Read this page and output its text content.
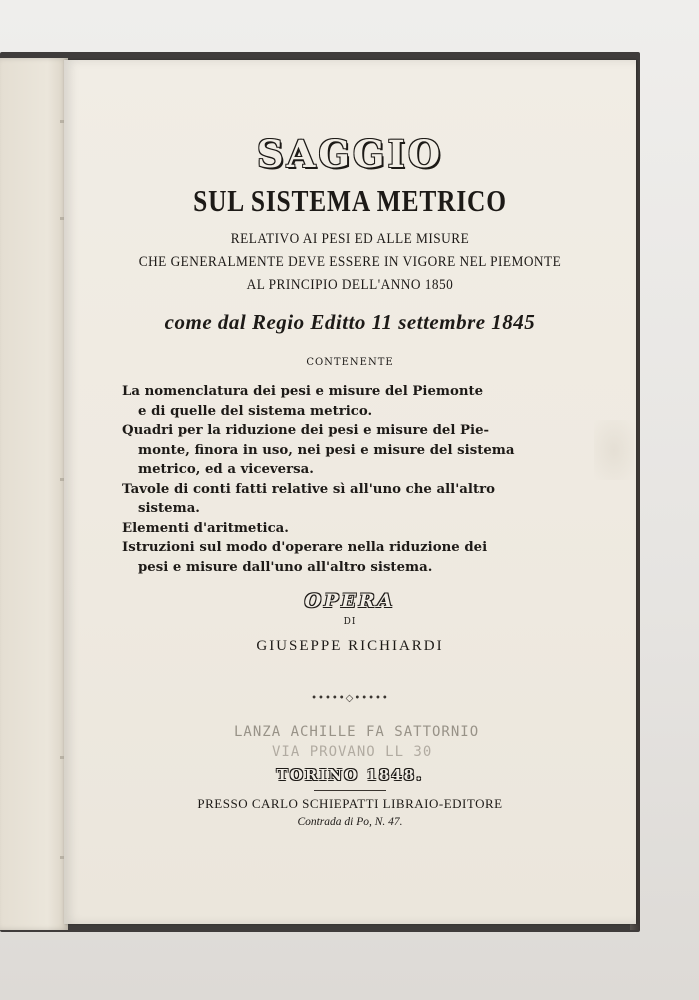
SAGGIO
SUL SISTEMA METRICO
RELATIVO AI PESI ED ALLE MISURE
CHE GENERALMENTE DEVE ESSERE IN VIGORE NEL PIEMONTE
AL PRINCIPIO DELL'ANNO 1850
come dal Regio Editto 11 settembre 1845
CONTENENTE
La nomenclatura dei pesi e misure del Piemonte
e di quelle del sistema metrico.
Quadri per la riduzione dei pesi e misure del Pie-
monte, finora in uso, nei pesi e misure del sistema
metrico, ed a viceversa.
Tavole di conti fatti relative sì all'uno che all'altro
sistema.
Elementi d'aritmetica.
Istruzioni sul modo d'operare nella riduzione dei
pesi e misure dall'uno all'altro sistema.
OPERA
DI
GIUSEPPE RICHIARDI
•••••◇•••••
LANZA ACHILLE FA SATTORNIO
VIA PROVANO LL 30
TORINO 1848.
PRESSO CARLO SCHIEPATTI LIBRAIO-EDITORE
Contrada di Po, N. 47.
